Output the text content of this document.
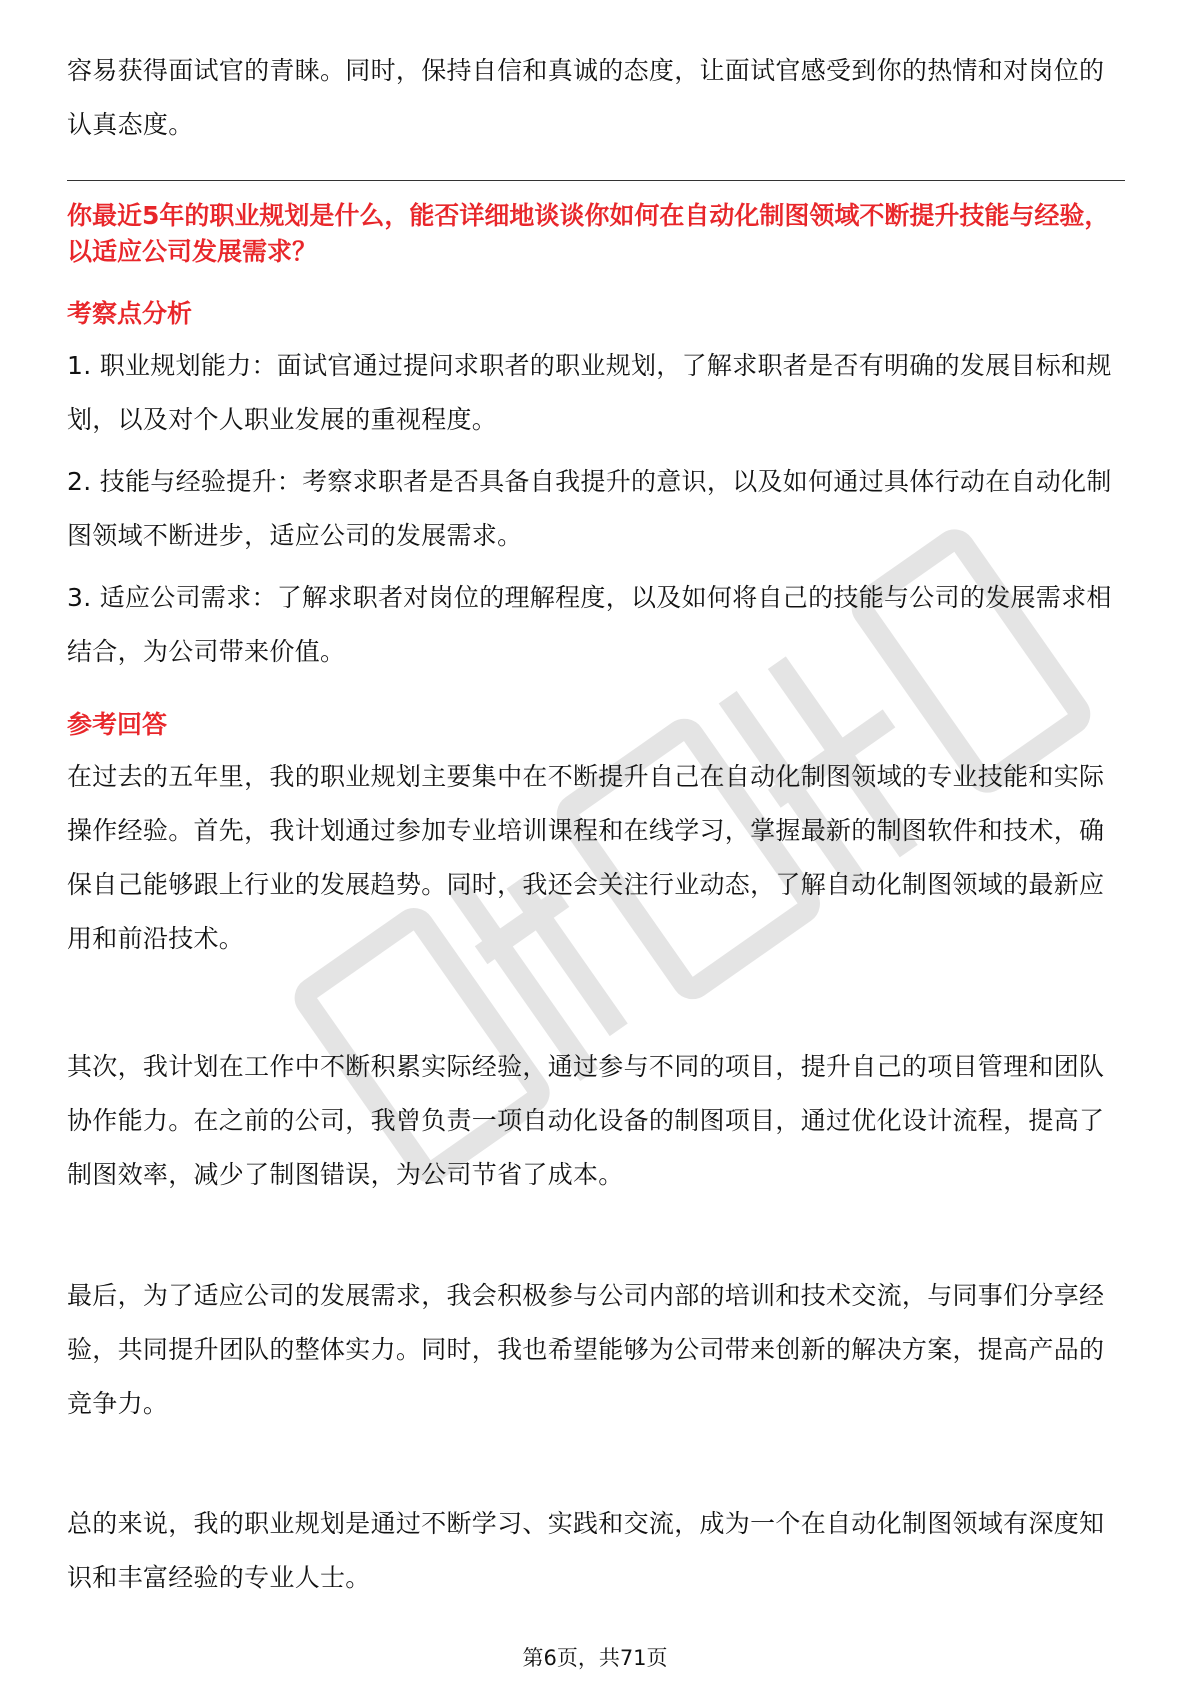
容易获得面试官的青睐。同时，保持自信和真诚的态度，让面试官感受到你的热情和对岗位的认真态度。

你最近5年的职业规划是什么，能否详细地谈谈你如何在自动化制图领域不断提升技能与经验，以适应公司发展需求？

考察点分析

1. 职业规划能力：面试官通过提问求职者的职业规划，了解求职者是否有明确的发展目标和规划，以及对个人职业发展的重视程度。

2. 技能与经验提升：考察求职者是否具备自我提升的意识，以及如何通过具体行动在自动化制图领域不断进步，适应公司的发展需求。

3. 适应公司需求：了解求职者对岗位的理解程度，以及如何将自己的技能与公司的发展需求相结合，为公司带来价值。

参考回答

在过去的五年里，我的职业规划主要集中在不断提升自己在自动化制图领域的专业技能和实际操作经验。首先，我计划通过参加专业培训课程和在线学习，掌握最新的制图软件和技术，确保自己能够跟上行业的发展趋势。同时，我还会关注行业动态，了解自动化制图领域的最新应用和前沿技术。

其次，我计划在工作中不断积累实际经验，通过参与不同的项目，提升自己的项目管理和团队协作能力。在之前的公司，我曾负责一项自动化设备的制图项目，通过优化设计流程，提高了制图效率，减少了制图错误，为公司节省了成本。

最后，为了适应公司的发展需求，我会积极参与公司内部的培训和技术交流，与同事们分享经验，共同提升团队的整体实力。同时，我也希望能够为公司带来创新的解决方案，提高产品的竞争力。

总的来说，我的职业规划是通过不断学习、实践和交流，成为一个在自动化制图领域有深度知识和丰富经验的专业人士。

第6页，共71页
